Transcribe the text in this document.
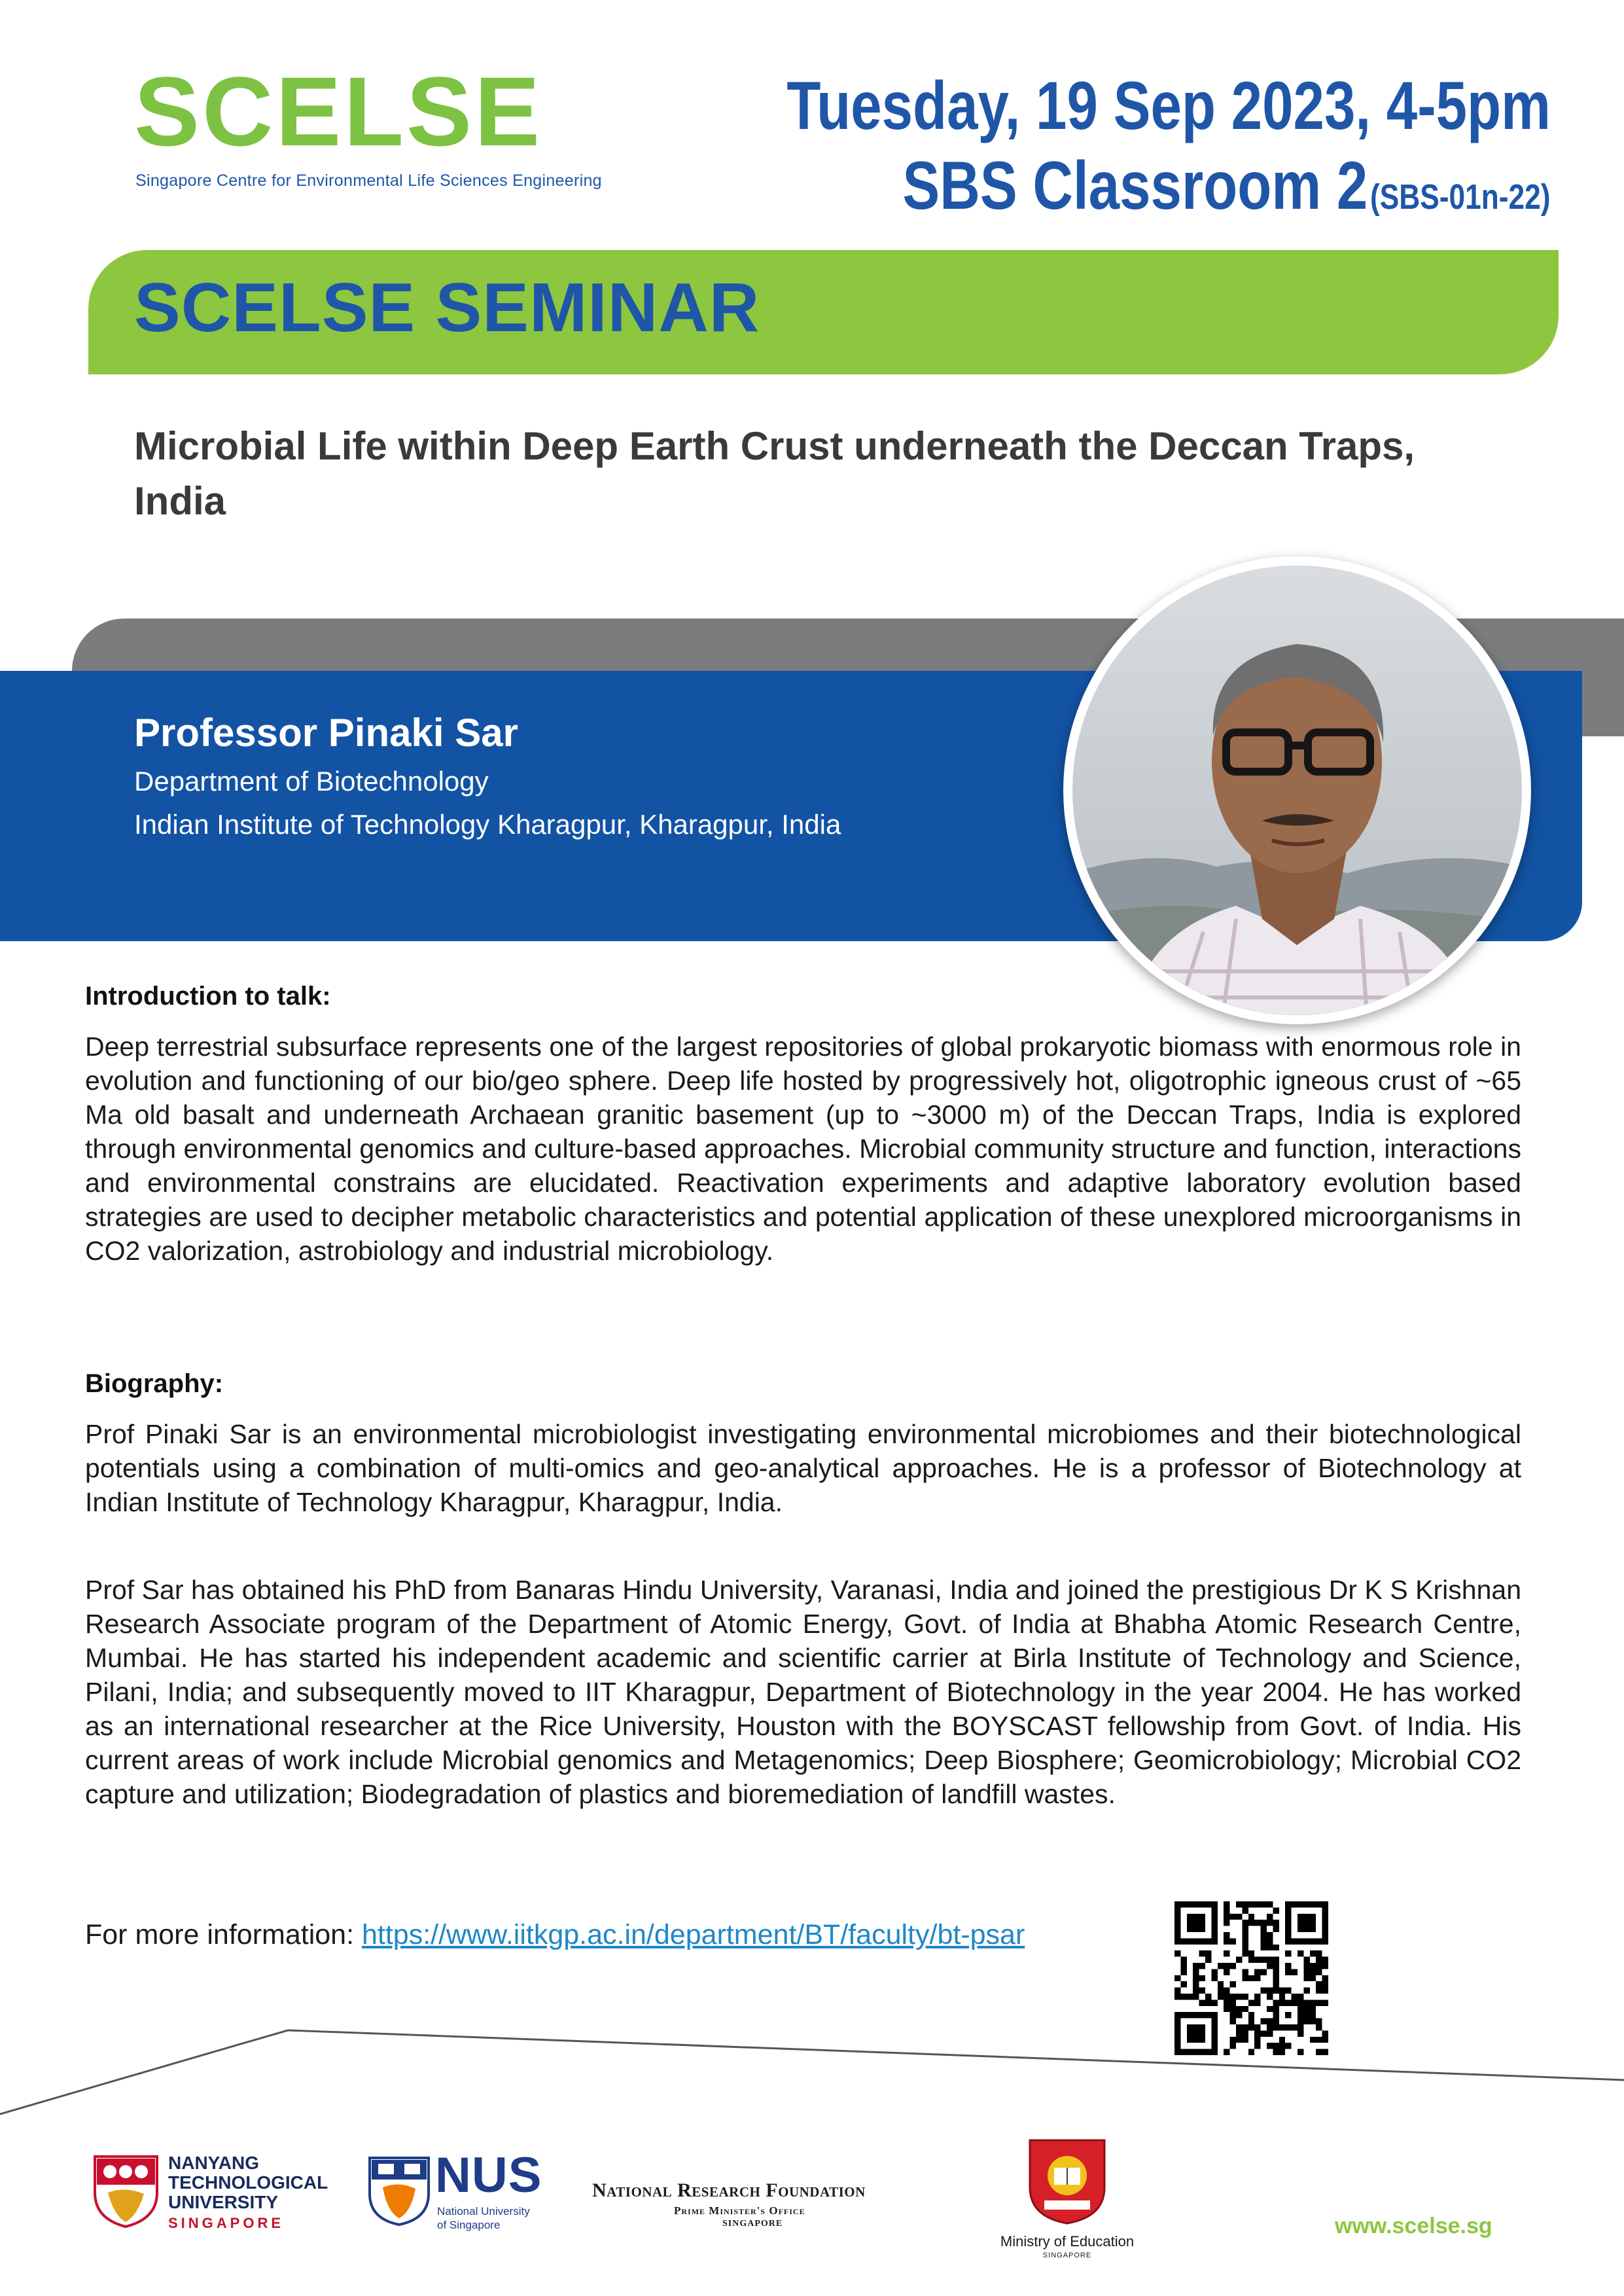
SCELSE
Singapore Centre for Environmental Life Sciences Engineering
Tuesday, 19 Sep 2023, 4-5pm
SBS Classroom 2 (SBS-01n-22)
SCELSE SEMINAR
Microbial Life within Deep Earth Crust underneath the Deccan Traps, India
Professor Pinaki Sar
Department of Biotechnology
Indian Institute of Technology Kharagpur, Kharagpur, India
Introduction to talk:
Deep terrestrial subsurface represents one of the largest repositories of global prokaryotic biomass with enormous role in evolution and functioning of our bio/geo sphere. Deep life hosted by progressively hot, oligotrophic igneous crust of ~65 Ma old basalt and underneath Archaean granitic basement (up to ~3000 m) of the Deccan Traps, India is explored through environmental genomics and culture-based approaches. Microbial community structure and function, interactions and environmental constrains are elucidated. Reactivation experiments and adaptive laboratory evolution based strategies are used to decipher metabolic characteristics and potential application of these unexplored microorganisms in CO2 valorization, astrobiology and industrial microbiology.
Biography:
Prof Pinaki Sar is an environmental microbiologist investigating environmental microbiomes and their biotechnological potentials using a combination of multi-omics and geo-analytical approaches. He is a professor of Biotechnology at Indian Institute of Technology Kharagpur, Kharagpur, India.
Prof Sar has obtained his PhD from Banaras Hindu University, Varanasi, India and joined the prestigious Dr K S Krishnan Research Associate program of the Department of Atomic Energy, Govt. of India at Bhabha Atomic Research Centre, Mumbai. He has started his independent academic and scientific carrier at Birla Institute of Technology and Science, Pilani, India; and subsequently moved to IIT Kharagpur, Department of Biotechnology in the year 2004. He has worked as an international researcher at the Rice University, Houston with the BOYSCAST fellowship from Govt. of India. His current areas of work include Microbial genomics and Metagenomics; Deep Biosphere; Geomicrobiology; Microbial CO2 capture and utilization; Biodegradation of plastics and bioremediation of landfill wastes.
For more information: https://www.iitkgp.ac.in/department/BT/faculty/bt-psar
NANYANG
TECHNOLOGICAL
UNIVERSITY
SINGAPORE
NUS
National University
of Singapore
National Research Foundation
Prime Minister's Office
SINGAPORE
Ministry of Education
SINGAPORE
www.scelse.sg
